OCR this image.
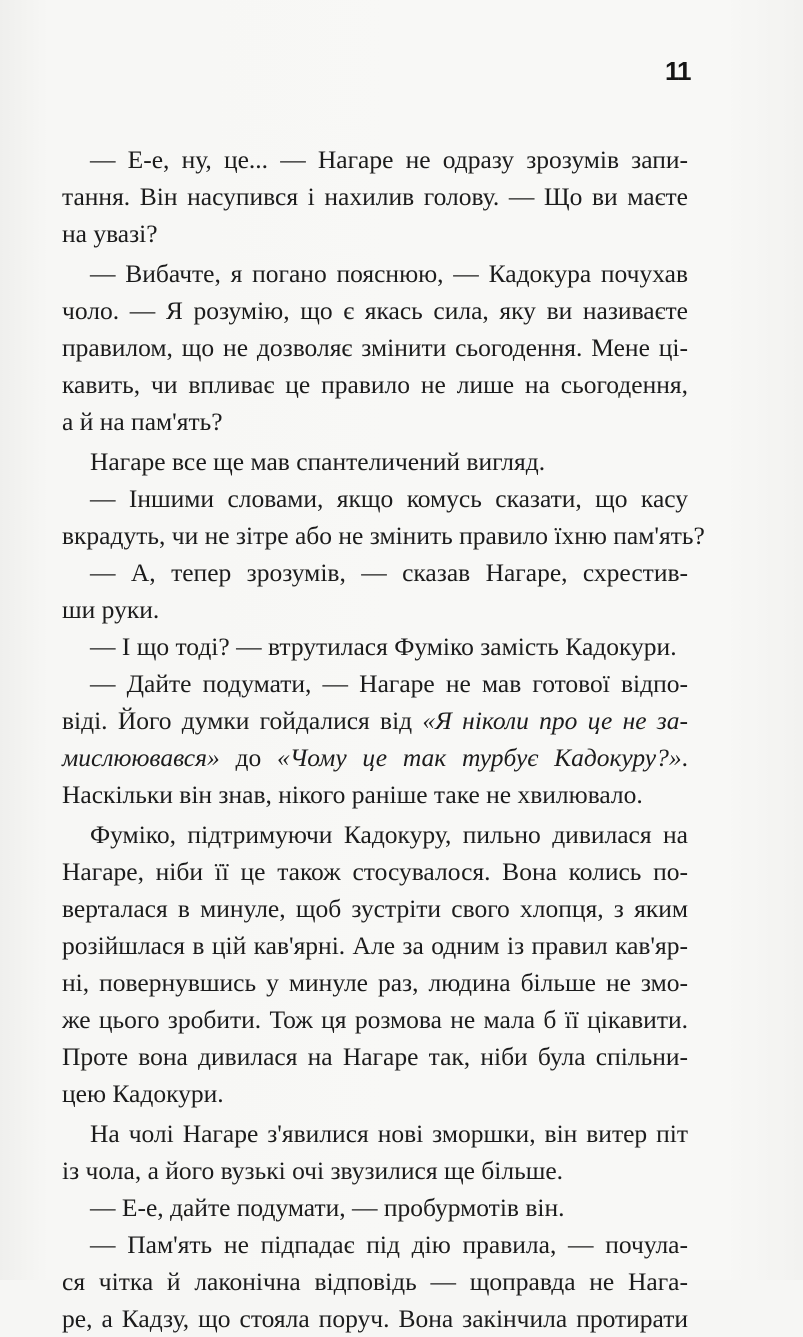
11
— Е-е, ну, це... — Нагаре не одразу зрозумів запи-
тання. Він насупився і нахилив голову. — Що ви маєте
на увазі?
— Вибачте, я погано пояснюю, — Кадокура почухав
чоло. — Я розумію, що є якась сила, яку ви називаєте
правилом, що не дозволяє змінити сьогодення. Мене ці-
кавить, чи впливає це правило не лише на сьогодення,
а й на пам'ять?
Нагаре все ще мав спантеличений вигляд.
— Іншими словами, якщо комусь сказати, що касу
вкрадуть, чи не зітре або не змінить правило їхню пам'ять?
— А, тепер зрозумів, — сказав Нагаре, схрестив-
ши руки.
— І що тоді? — втрутилася Фуміко замість Кадокури.
— Дайте подумати, — Нагаре не мав готової відпо-
віді. Його думки гойдалися від «Я ніколи про це не за-
мислюювався» до «Чому це так турбує Кадокуру?».
Наскільки він знав, нікого раніше таке не хвилювало.
Фуміко, підтримуючи Кадокуру, пильно дивилася на
Нагаре, ніби її це також стосувалося. Вона колись по-
верталася в минуле, щоб зустріти свого хлопця, з яким
розійшлася в цій кав'ярні. Але за одним із правил кав'яр-
ні, повернувшись у минуле раз, людина більше не змо-
же цього зробити. Тож ця розмова не мала б її цікавити.
Проте вона дивилася на Нагаре так, ніби була спільни-
цею Кадокури.
На чолі Нагаре з'явилися нові зморшки, він витер піт
із чола, а його вузькі очі звузилися ще більше.
— Е-е, дайте подумати, — пробурмотів він.
— Пам'ять не підпадає під дію правила, — почула-
ся чітка й лаконічна відповідь — щоправда не Нага-
ре, а Кадзу, що стояла поруч. Вона закінчила протирати
